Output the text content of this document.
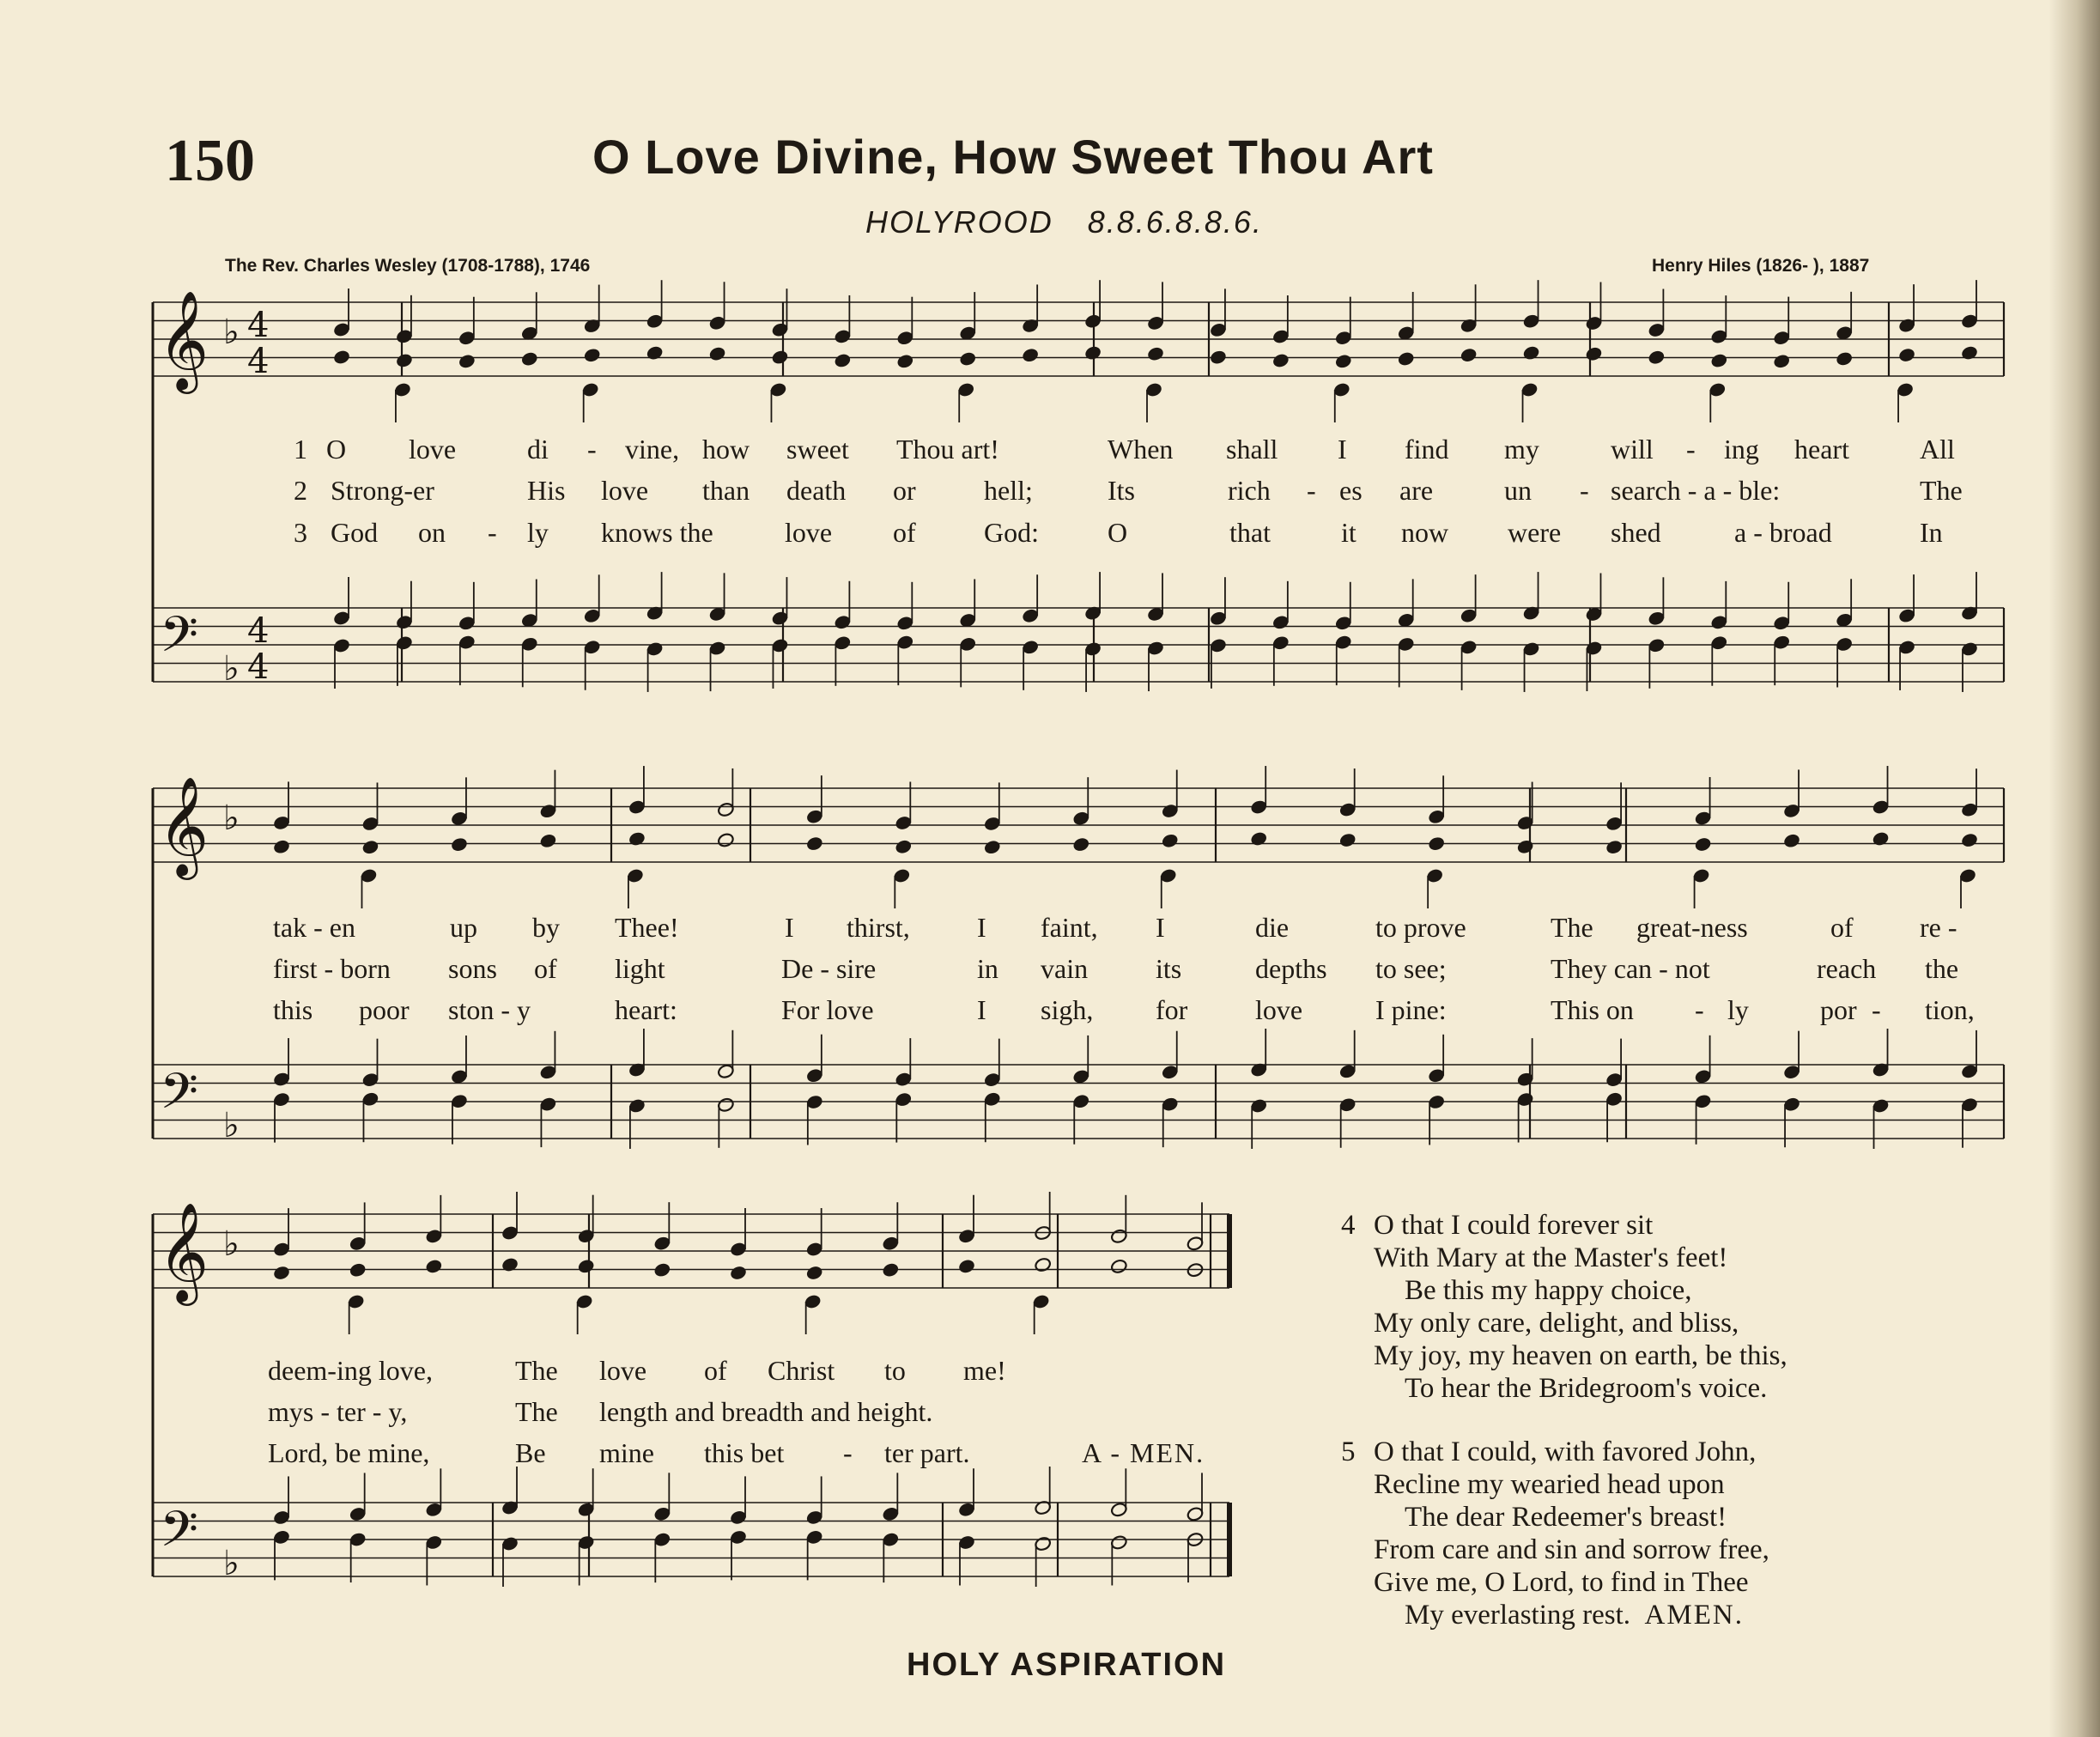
150	O Love Divine, How Sweet Thou Art
HOLYROOD 8.8.6.8.8.6.
The Rev. Charles Wesley (1708-1788), 1746	Henry Hiles (1826- ), 1887
𝄞
𝄢
♭
♭
4
4
4
4
𝄞
𝄢
♭
♭
𝄞
𝄢
♭
♭
1
2
3
O love	di - vine, how sweet Thou art!	When shall I find my	will - ing heart	All
Strong-er	His love than death or hell;	Its	rich - es are	un - search - a - ble:	The
God on - ly knows the	love of God:	O	that	it now were shed	a - broad	In
tak - en	up by Thee!	I thirst, I faint, I	die	to prove	The great-ness	of re -
first - born sons of light	De - sire	in vain its	depths to see;	They can - not	reach the
this poor ston - y	heart:	For love	I sigh, for love	I pine:	This on - ly	por - tion,
deem-ing love,	The love of Christ to me!
mys - ter - y,	The length and breadth and height.
Lord, be mine,	Be mine this bet - ter part.	A - MEN.
4 O that I could forever sit
With Mary at the Master's feet!
Be this my happy choice,
My only care, delight, and bliss,
My joy, my heaven on earth, be this,
To hear the Bridegroom's voice.
5 O that I could, with favored John,
Recline my wearied head upon
The dear Redeemer's breast!
From care and sin and sorrow free,
Give me, O Lord, to find in Thee
My everlasting rest. AMEN.
HOLY ASPIRATION
